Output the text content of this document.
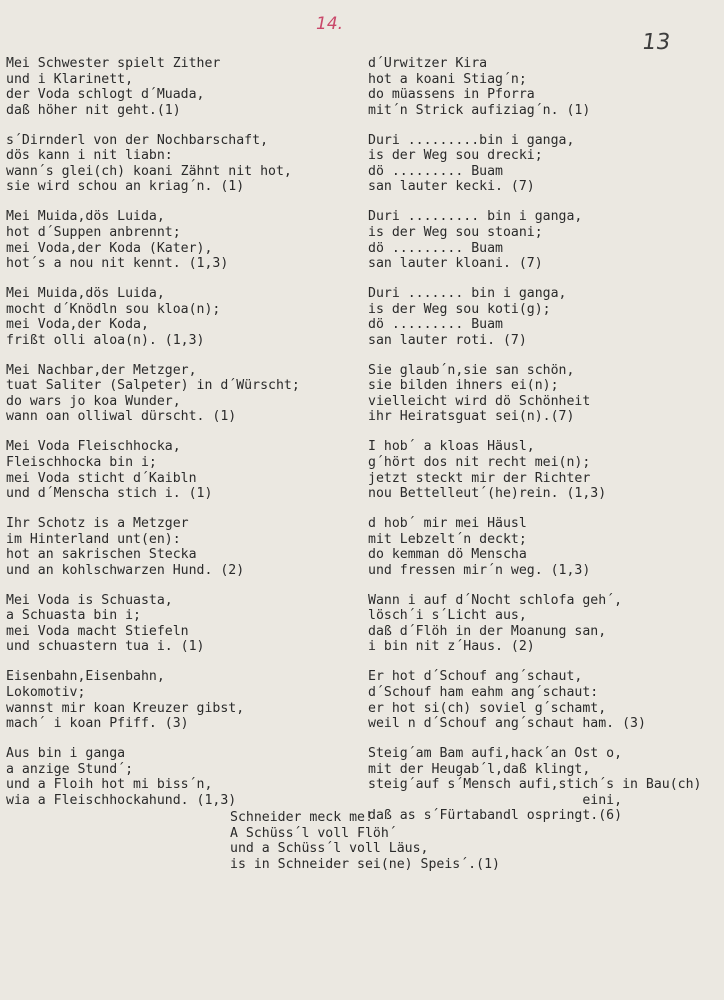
14.
13
Mei Schwester spielt Zither
und i Klarinett,
der Voda schlogt d´Muada,
daß höher nit geht.(1)
s´Dirnderl von der Nochbarschaft,
dös kann i nit liabn:
wann´s glei(ch) koani Zähnt nit hot,
sie wird schou an kriag´n. (1)
Mei Muida,dös Luida,
hot d´Suppen anbrennt;
mei Voda,der Koda (Kater),
hot´s a nou nit kennt. (1,3)
Mei Muida,dös Luida,
mocht d´Knödln sou kloa(n);
mei Voda,der Koda,
frißt olli aloa(n). (1,3)
Mei Nachbar,der Metzger,
tuat Saliter (Salpeter) in d´Würscht;
do wars jo koa Wunder,
wann oan olliwal dürscht. (1)
Mei Voda Fleischhocka,
Fleischhocka bin i;
mei Voda sticht d´Kaibln
und d´Menscha stich i. (1)
Ihr Schotz is a Metzger
im Hinterland unt(en):
hot an sakrischen Stecka
und an kohlschwarzen Hund. (2)
Mei Voda is Schuasta,
a Schuasta bin i;
mei Voda macht Stiefeln
und schuastern tua i. (1)
Eisenbahn,Eisenbahn,
Lokomotiv;
wannst mir koan Kreuzer gibst,
mach´ i koan Pfiff. (3)
Aus bin i ganga
a anzige Stund´;
und a Floih hot mi biss´n,
wia a Fleischhockahund. (1,3)
d´Urwitzer Kira
hot a koani Stiag´n;
do müassens in Pforra
mit´n Strick aufiziag´n. (1)
Duri .........bin i ganga,
is der Weg sou drecki;
dö ......... Buam
san lauter kecki. (7)
Duri ......... bin i ganga,
is der Weg sou stoani;
dö ......... Buam
san lauter kloani. (7)
Duri ....... bin i ganga,
is der Weg sou koti(g);
dö ......... Buam
san lauter roti. (7)
Sie glaub´n,sie san schön,
sie bilden ihners ei(n);
vielleicht wird dö Schönheit
ihr Heiratsguat sei(n).(7)
I hob´ a kloas Häusl,
g´hört dos nit recht mei(n);
jetzt steckt mir der Richter
nou Bettelleut´(he)rein. (1,3)
d hob´ mir mei Häusl
mit Lebzelt´n deckt;
do kemman dö Menscha
und fressen mir´n weg. (1,3)
Wann i auf d´Nocht schlofa geh´,
lösch´i s´Licht aus,
daß d´Flöh in der Moanung san,
i bin nit z´Haus. (2)
Er hot d´Schouf ang´schaut,
d´Schouf ham eahm ang´schaut:
er hot si(ch) soviel g´schamt,
weil n d´Schouf ang´schaut ham. (3)
Steig´am Bam aufi,hack´an Ost o,
mit der Heugab´l,daß klingt,
steig´auf s´Mensch aufi,stich´s in Bau(ch)
eini,
daß as s´Fürtabandl ospringt.(6)
Schneider meck me!
A Schüss´l voll Flöh´
und a Schüss´l voll Läus,
is in Schneider sei(ne) Speis´.(1)
